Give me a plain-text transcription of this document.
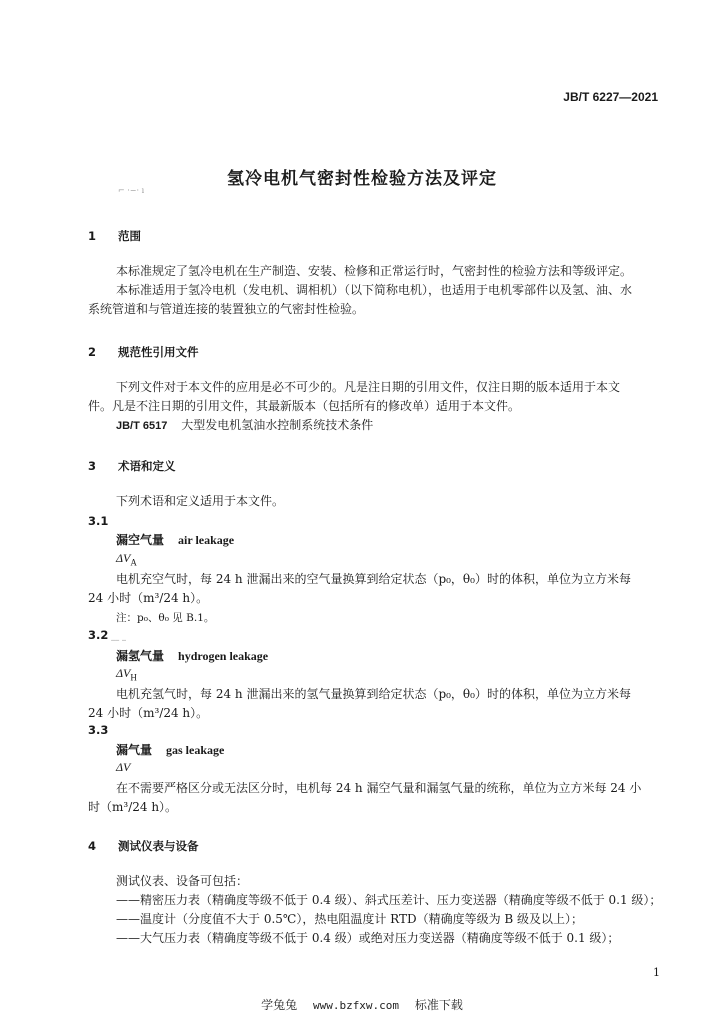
JB/T 6227—2021
氢冷电机气密封性检验方法及评定
⌐ ·−· ı
1 范围
本标准规定了氢冷电机在生产制造、安装、检修和正常运行时，气密封性的检验方法和等级评定。
本标准适用于氢冷电机（发电机、调相机）（以下简称电机），也适用于电机零部件以及氢、油、水
系统管道和与管道连接的装置独立的气密封性检验。
2 规范性引用文件
下列文件对于本文件的应用是必不可少的。凡是注日期的引用文件，仅注日期的版本适用于本文
件。凡是不注日期的引用文件，其最新版本（包括所有的修改单）适用于本文件。
JB/T 6517 大型发电机氢油水控制系统技术条件
3 术语和定义
下列术语和定义适用于本文件。
3.1
漏空气量 air leakage
$\Delta V_A$
电机充空气时，每 24 h 泄漏出来的空气量换算到给定状态（p₀，θ₀）时的体积，单位为立方米每
24 小时（m³/24 h）。
注：p₀、θ₀ 见 B.1。
3.2 __ _
漏氢气量 hydrogen leakage
$\Delta V_H$
电机充氢气时，每 24 h 泄漏出来的氢气量换算到给定状态（p₀，θ₀）时的体积，单位为立方米每
24 小时（m³/24 h）。
3.3
漏气量 gas leakage
ΔV
在不需要严格区分或无法区分时，电机每 24 h 漏空气量和漏氢气量的统称，单位为立方米每 24 小
时（m³/24 h）。
4 测试仪表与设备
测试仪表、设备可包括：
——精密压力表（精确度等级不低于 0.4 级）、斜式压差计、压力变送器（精确度等级不低于 0.1 级）；
——温度计（分度值不大于 0.5℃），热电阻温度计 RTD（精确度等级为 B 级及以上）；
——大气压力表（精确度等级不低于 0.4 级）或绝对压力变送器（精确度等级不低于 0.1 级）；
1
学兔兔 www.bzfxw.com 标准下载
